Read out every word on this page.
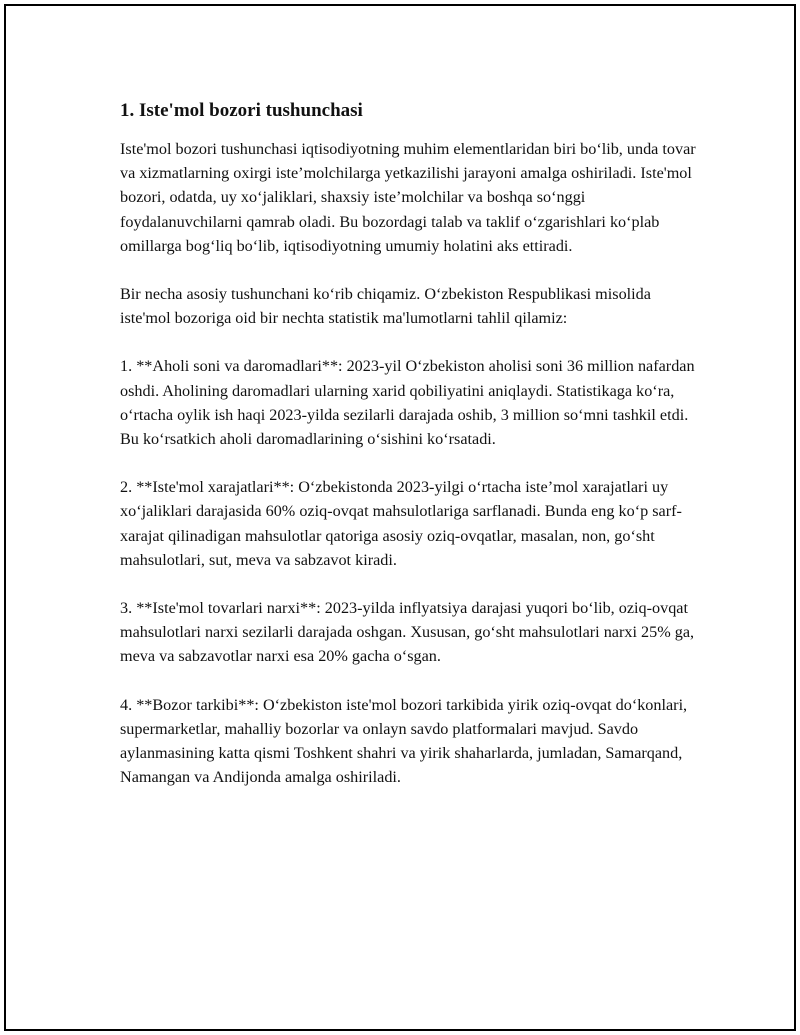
1. Iste'mol bozori tushunchasi

Iste'mol bozori tushunchasi iqtisodiyotning muhim elementlaridan biri bo‘lib, unda tovar va xizmatlarning oxirgi iste’molchilarga yetkazilishi jarayoni amalga oshiriladi. Iste'mol bozori, odatda, uy xo‘jaliklari, shaxsiy iste’molchilar va boshqa so‘nggi foydalanuvchilarni qamrab oladi. Bu bozordagi talab va taklif o‘zgarishlari ko‘plab omillarga bog‘liq bo‘lib, iqtisodiyotning umumiy holatini aks ettiradi.

Bir necha asosiy tushunchani ko‘rib chiqamiz. O‘zbekiston Respublikasi misolida iste'mol bozoriga oid bir nechta statistik ma'lumotlarni tahlil qilamiz:

1. **Aholi soni va daromadlari**: 2023-yil O‘zbekiston aholisi soni 36 million nafardan oshdi. Aholining daromadlari ularning xarid qobiliyatini aniqlaydi. Statistikaga ko‘ra, o‘rtacha oylik ish haqi 2023-yilda sezilarli darajada oshib, 3 million so‘mni tashkil etdi. Bu ko‘rsatkich aholi daromadlarining o‘sishini ko‘rsatadi.

2. **Iste'mol xarajatlari**: O‘zbekistonda 2023-yilgi o‘rtacha iste’mol xarajatlari uy xo‘jaliklari darajasida 60% oziq-ovqat mahsulotlariga sarflanadi. Bunda eng ko‘p sarf-xarajat qilinadigan mahsulotlar qatoriga asosiy oziq-ovqatlar, masalan, non, go‘sht mahsulotlari, sut, meva va sabzavot kiradi.

3. **Iste'mol tovarlari narxi**: 2023-yilda inflyatsiya darajasi yuqori bo‘lib, oziq-ovqat mahsulotlari narxi sezilarli darajada oshgan. Xususan, go‘sht mahsulotlari narxi 25% ga, meva va sabzavotlar narxi esa 20% gacha o‘sgan.

4. **Bozor tarkibi**: O‘zbekiston iste'mol bozori tarkibida yirik oziq-ovqat do‘konlari, supermarketlar, mahalliy bozorlar va onlayn savdo platformalari mavjud. Savdo aylanmasining katta qismi Toshkent shahri va yirik shaharlarda, jumladan, Samarqand, Namangan va Andijonda amalga oshiriladi.
